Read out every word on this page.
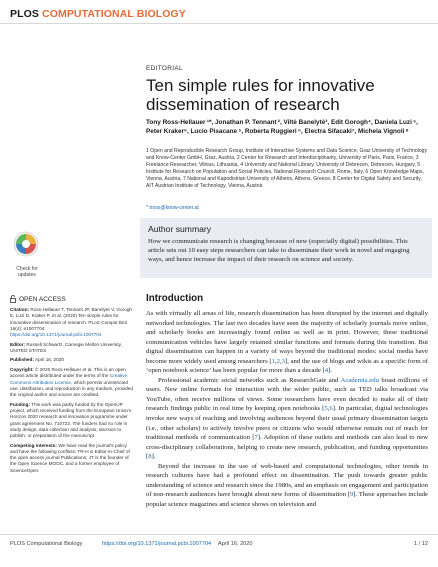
PLOS COMPUTATIONAL BIOLOGY
EDITORIAL
Ten simple rules for innovative dissemination of research
Tony Ross-Hellauer ¹*, Jonathan P. Tennant ², Viltė Banelytė³, Edit Gorogh⁴, Daniela Luzi ⁵, Peter Kraker⁶, Lucio Pisacane ⁵, Roberta Ruggieri ⁵, Electra Sifacaki⁷, Michela Vignoli ⁸
1 Open and Reproducible Research Group, Institute of Interactive Systems and Data Science, Graz University of Technology and Know-Center GmbH, Graz, Austria, 2 Center for Research and Interdisciplinarity, University of Paris, Paris, France, 3 Freelance Researcher, Vilnius, Lithuania, 4 University and National Library, University of Debrecen, Debrecen, Hungary, 5 Institute for Research on Population and Social Policies, National Research Council, Rome, Italy, 6 Open Knowledge Maps, Vienna, Austria, 7 National and Kapodistrian University of Athens, Athens, Greece, 8 Center for Digital Safety and Security, AIT Austrian Institute of Technology, Vienna, Austria
* tross@know-center.at
Author summary
How we communicate research is changing because of new (especially digital) possibilities. This article sets out 10 easy steps researchers can take to disseminate their work in novel and engaging ways, and hence increase the impact of their research on science and society.
Introduction

As with virtually all areas of life, research dissemination has been disrupted by the internet and digitally networked technologies. The last two decades have seen the majority of scholarly journals move online, and scholarly books are increasingly found online as well as in print. However, these traditional communication vehicles have largely retained similar functions and formats during this transition. But digital dissemination can happen in a variety of ways beyond the traditional modes: social media have become more widely used among researchers [1,2,3], and the use of blogs and wikis as a specific form of ‘open notebook science’ has been popular for more than a decade [4].

Professional academic social networks such as ResearchGate and Academia.edu boast millions of users. New online formats for interaction with the wider public, such as TED talks broadcast via YouTube, often receive millions of views. Some researchers have even decided to make all of their research findings public in real time by keeping open notebooks [5,6]. In particular, digital technologies invoke new ways of reaching and involving audiences beyond their usual primary dissemination targets (i.e., other scholars) to actively involve peers or citizens who would otherwise remain out of reach for traditional methods of communication [7]. Adoption of these outlets and methods can also lead to new cross-disciplinary collaborations, helping to create new research, publication, and funding opportunities [8].

Beyond the increase in the use of web-based and computational technologies, other trends in research cultures have had a profound effect on dissemination. The push towards greater public understanding of science and research since the 1980s, and an emphasis on engagement and participation of non-research audiences have brought about new forms of dissemination [9]. These approaches include popular science magazines and science shows on television and

Check for updates
OPEN ACCESS
Citation: Ross-Hellauer T, Tennant JP, Banelytė V, Gorogh E, Luzi D, Kraker P, et al. (2020) Ten simple rules for innovative dissemination of research. PLoS Comput Biol 16(4): e1007704. https://doi.org/10.1371/journal.pcbi.1007704
Editor: Russell Schwartz, Carnegie Mellon University, UNITED STATES
Published: April 16, 2020
Copyright: © 2020 Ross-Hellauer et al. This is an open access article distributed under the terms of the Creative Commons Attribution License, which permits unrestricted use, distribution, and reproduction in any medium, provided the original author and source are credited.
Funding: This work was partly funded by the OpenUP project, which received funding from the European Union's Horizon 2020 research and innovation programme under grant agreement No. 710722. The funders had no role in study design, data collection and analysis, decision to publish, or preparation of the manuscript.
Competing interests: We have read the journal's policy and have the following conflicts: TR-H is Editor-in-Chief of the open access journal Publications; JT is the founder of the Open Science MOOC, and a former employee of ScienceOpen.
PLOS Computational Biology	https://doi.org/10.1371/journal.pcbi.1007704 April 16, 2020	1 / 12
